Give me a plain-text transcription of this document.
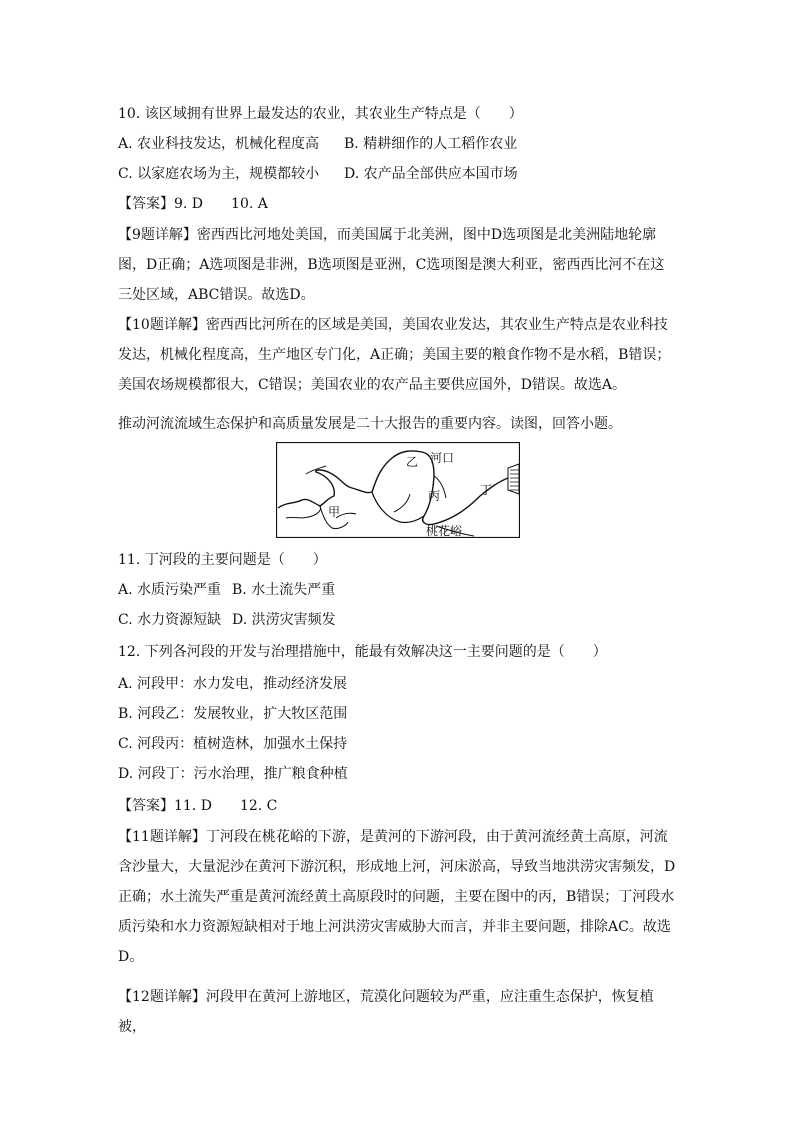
10. 该区域拥有世界上最发达的农业，其农业生产特点是（　　）
A. 农业科技发达，机械化程度高 B. 精耕细作的人工稻作农业
C. 以家庭农场为主，规模都较小 D. 农产品全部供应本国市场
【答案】9. D　　10. A
【9题详解】密西西比河地处美国，而美国属于北美洲，图中D选项图是北美洲陆地轮廓图，D正确；A选项图是非洲，B选项图是亚洲，C选项图是澳大利亚，密西西比河不在这三处区域，ABC错误。故选D。
【10题详解】密西西比河所在的区域是美国，美国农业发达，其农业生产特点是农业科技发达，机械化程度高，生产地区专门化，A正确；美国主要的粮食作物不是水稻，B错误；美国农场规模都很大，C错误；美国农业的农产品主要供应国外，D错误。故选A。
推动河流流域生态保护和高质量发展是二十大报告的重要内容。读图，回答小题。
乙 河口
丙	丁
甲
桃花峪
11. 丁河段的主要问题是（　　）
A. 水质污染严重 B. 水土流失严重
C. 水力资源短缺 D. 洪涝灾害频发
12. 下列各河段的开发与治理措施中，能最有效解决这一主要问题的是（　　）
A. 河段甲：水力发电，推动经济发展
B. 河段乙：发展牧业，扩大牧区范围
C. 河段丙：植树造林，加强水土保持
D. 河段丁：污水治理，推广粮食种植
【答案】11. D　　12. C
【11题详解】丁河段在桃花峪的下游，是黄河的下游河段，由于黄河流经黄土高原，河流含沙量大，大量泥沙在黄河下游沉积，形成地上河，河床淤高，导致当地洪涝灾害频发，D正确；水土流失严重是黄河流经黄土高原段时的问题，主要在图中的丙，B错误；丁河段水质污染和水力资源短缺相对于地上河洪涝灾害威胁大而言，并非主要问题，排除AC。故选D。
【12题详解】河段甲在黄河上游地区，荒漠化问题较为严重，应注重生态保护，恢复植被，
